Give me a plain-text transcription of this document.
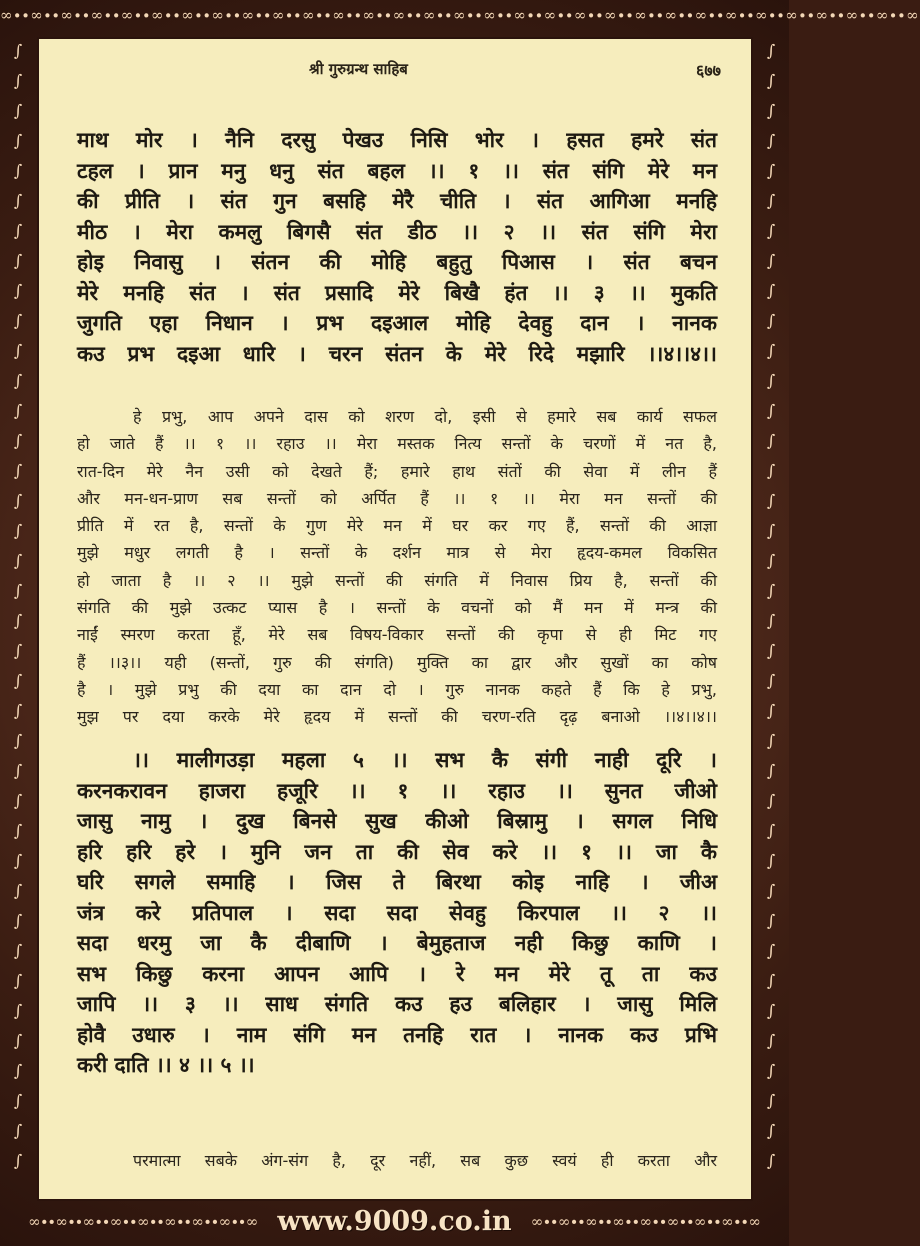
∞∙∙∞∙∙∞∙∙∞∙∙∞∙∙∞∙∙∞∙∙∞∙∙∞∙∙∞∙∙∞∙∙∞∙∙∞∙∙∞∙∙∞∙∙∞∙∙∞∙∙∞∙∙∞∙∙∞∙∙∞∙∙∞∙∙∞∙∙∞∙∙∞∙∙∞∙∙∞∙∙∞∙∙∞∙∙∞∙∙∞
∫
∫
∫
∫
∫
∫
∫
∫
∫
∫
∫
∫
∫
∫
∫
∫
∫
∫
∫
∫
∫
∫
∫
∫
∫
∫
∫
∫
∫
∫
∫
∫
∫
∫
∫
∫
∫
∫
∫
∫
∫
∫
∫
∫
∫
∫
∫
∫
∫
∫
∫
∫
∫
∫
∫
∫
∫
∫
∫
∫
∫
∫
∫
∫
∫
∫
∫
∫
∫
∫
∫
∫
∫
∫
∫
∫
श्री गुरुग्रन्थ साहिब	६७७
माथ मोर । नैनि दरसु पेखउ निसि भोर । हसत हमरे संत
टहल । प्रान मनु धनु संत बहल ।। १ ।। संत संगि मेरे मन
की प्रीति । संत गुन बसहि मेरै चीति । संत आगिआ मनहि
मीठ । मेरा कमलु बिगसै संत डीठ ।। २ ।। संत संगि मेरा
होइ निवासु । संतन की मोहि बहुतु पिआस । संत बचन
मेरे मनहि संत । संत प्रसादि मेरे बिखै हंत ।। ३ ।। मुकति
जुगति एहा निधान । प्रभ दइआल मोहि देवहु दान । नानक
कउ प्रभ दइआ धारि । चरन संतन के मेरे रिदे मझारि ।।४।।४।।
हे प्रभु, आप अपने दास को शरण दो, इसी से हमारे सब कार्य सफल
हो जाते हैं ।। १ ।। रहाउ ।। मेरा मस्तक नित्य सन्तों के चरणों में नत है,
रात-दिन मेरे नैन उसी को देखते हैं; हमारे हाथ संतों की सेवा में लीन हैं
और मन-धन-प्राण सब सन्तों को अर्पित हैं ।। १ ।। मेरा मन सन्तों की
प्रीति में रत है, सन्तों के गुण मेरे मन में घर कर गए हैं, सन्तों की आज्ञा
मुझे मधुर लगती है । सन्तों के दर्शन मात्र से मेरा हृदय-कमल विकसित
हो जाता है ।। २ ।। मुझे सन्तों की संगति में निवास प्रिय है, सन्तों की
संगति की मुझे उत्कट प्यास है । सन्तों के वचनों को मैं मन में मन्त्र की
नाईं स्मरण करता हूँ, मेरे सब विषय-विकार सन्तों की कृपा से ही मिट गए
हैं ।।३।। यही (सन्तों, गुरु की संगति) मुक्ति का द्वार और सुखों का कोष
है । मुझे प्रभु की दया का दान दो । गुरु नानक कहते हैं कि हे प्रभु,
मुझ पर दया करके मेरे हृदय में सन्तों की चरण-रति दृढ़ बनाओ ।।४।।४।।
।। मालीगउड़ा महला ५ ।। सभ कै संगी नाही दूरि ।
करनकरावन हाजरा हजूरि ।। १ ।। रहाउ ।। सुनत जीओ
जासु नामु । दुख बिनसे सुख कीओ बिस्रामु । सगल निधि
हरि हरि हरे । मुनि जन ता की सेव करे ।। १ ।। जा कै
घरि सगले समाहि । जिस ते बिरथा कोइ नाहि । जीअ
जंत्र करे प्रतिपाल । सदा सदा सेवहु किरपाल ।। २ ।।
सदा धरमु जा कै दीबाणि । बेमुहताज नही किछु काणि ।
सभ किछु करना आपन आपि । रे मन मेरे तू ता कउ
जापि ।। ३ ।। साध संगति कउ हउ बलिहार । जासु मिलि
होवै उधारु । नाम संगि मन तनहि रात । नानक कउ प्रभि
करी दाति ।। ४ ।। ५ ।।
परमात्मा सबके अंग-संग है, दूर नहीं, सब कुछ स्वयं ही करता और
∞∙∙∞∙∙∞∙∙∞∙∙∞∙∙∞∙∙∞∙∙∞∙∙∞ www.9009.co.in ∞∙∙∞∙∙∞∙∙∞∙∙∞∙∙∞∙∙∞∙∙∞∙∙∞
